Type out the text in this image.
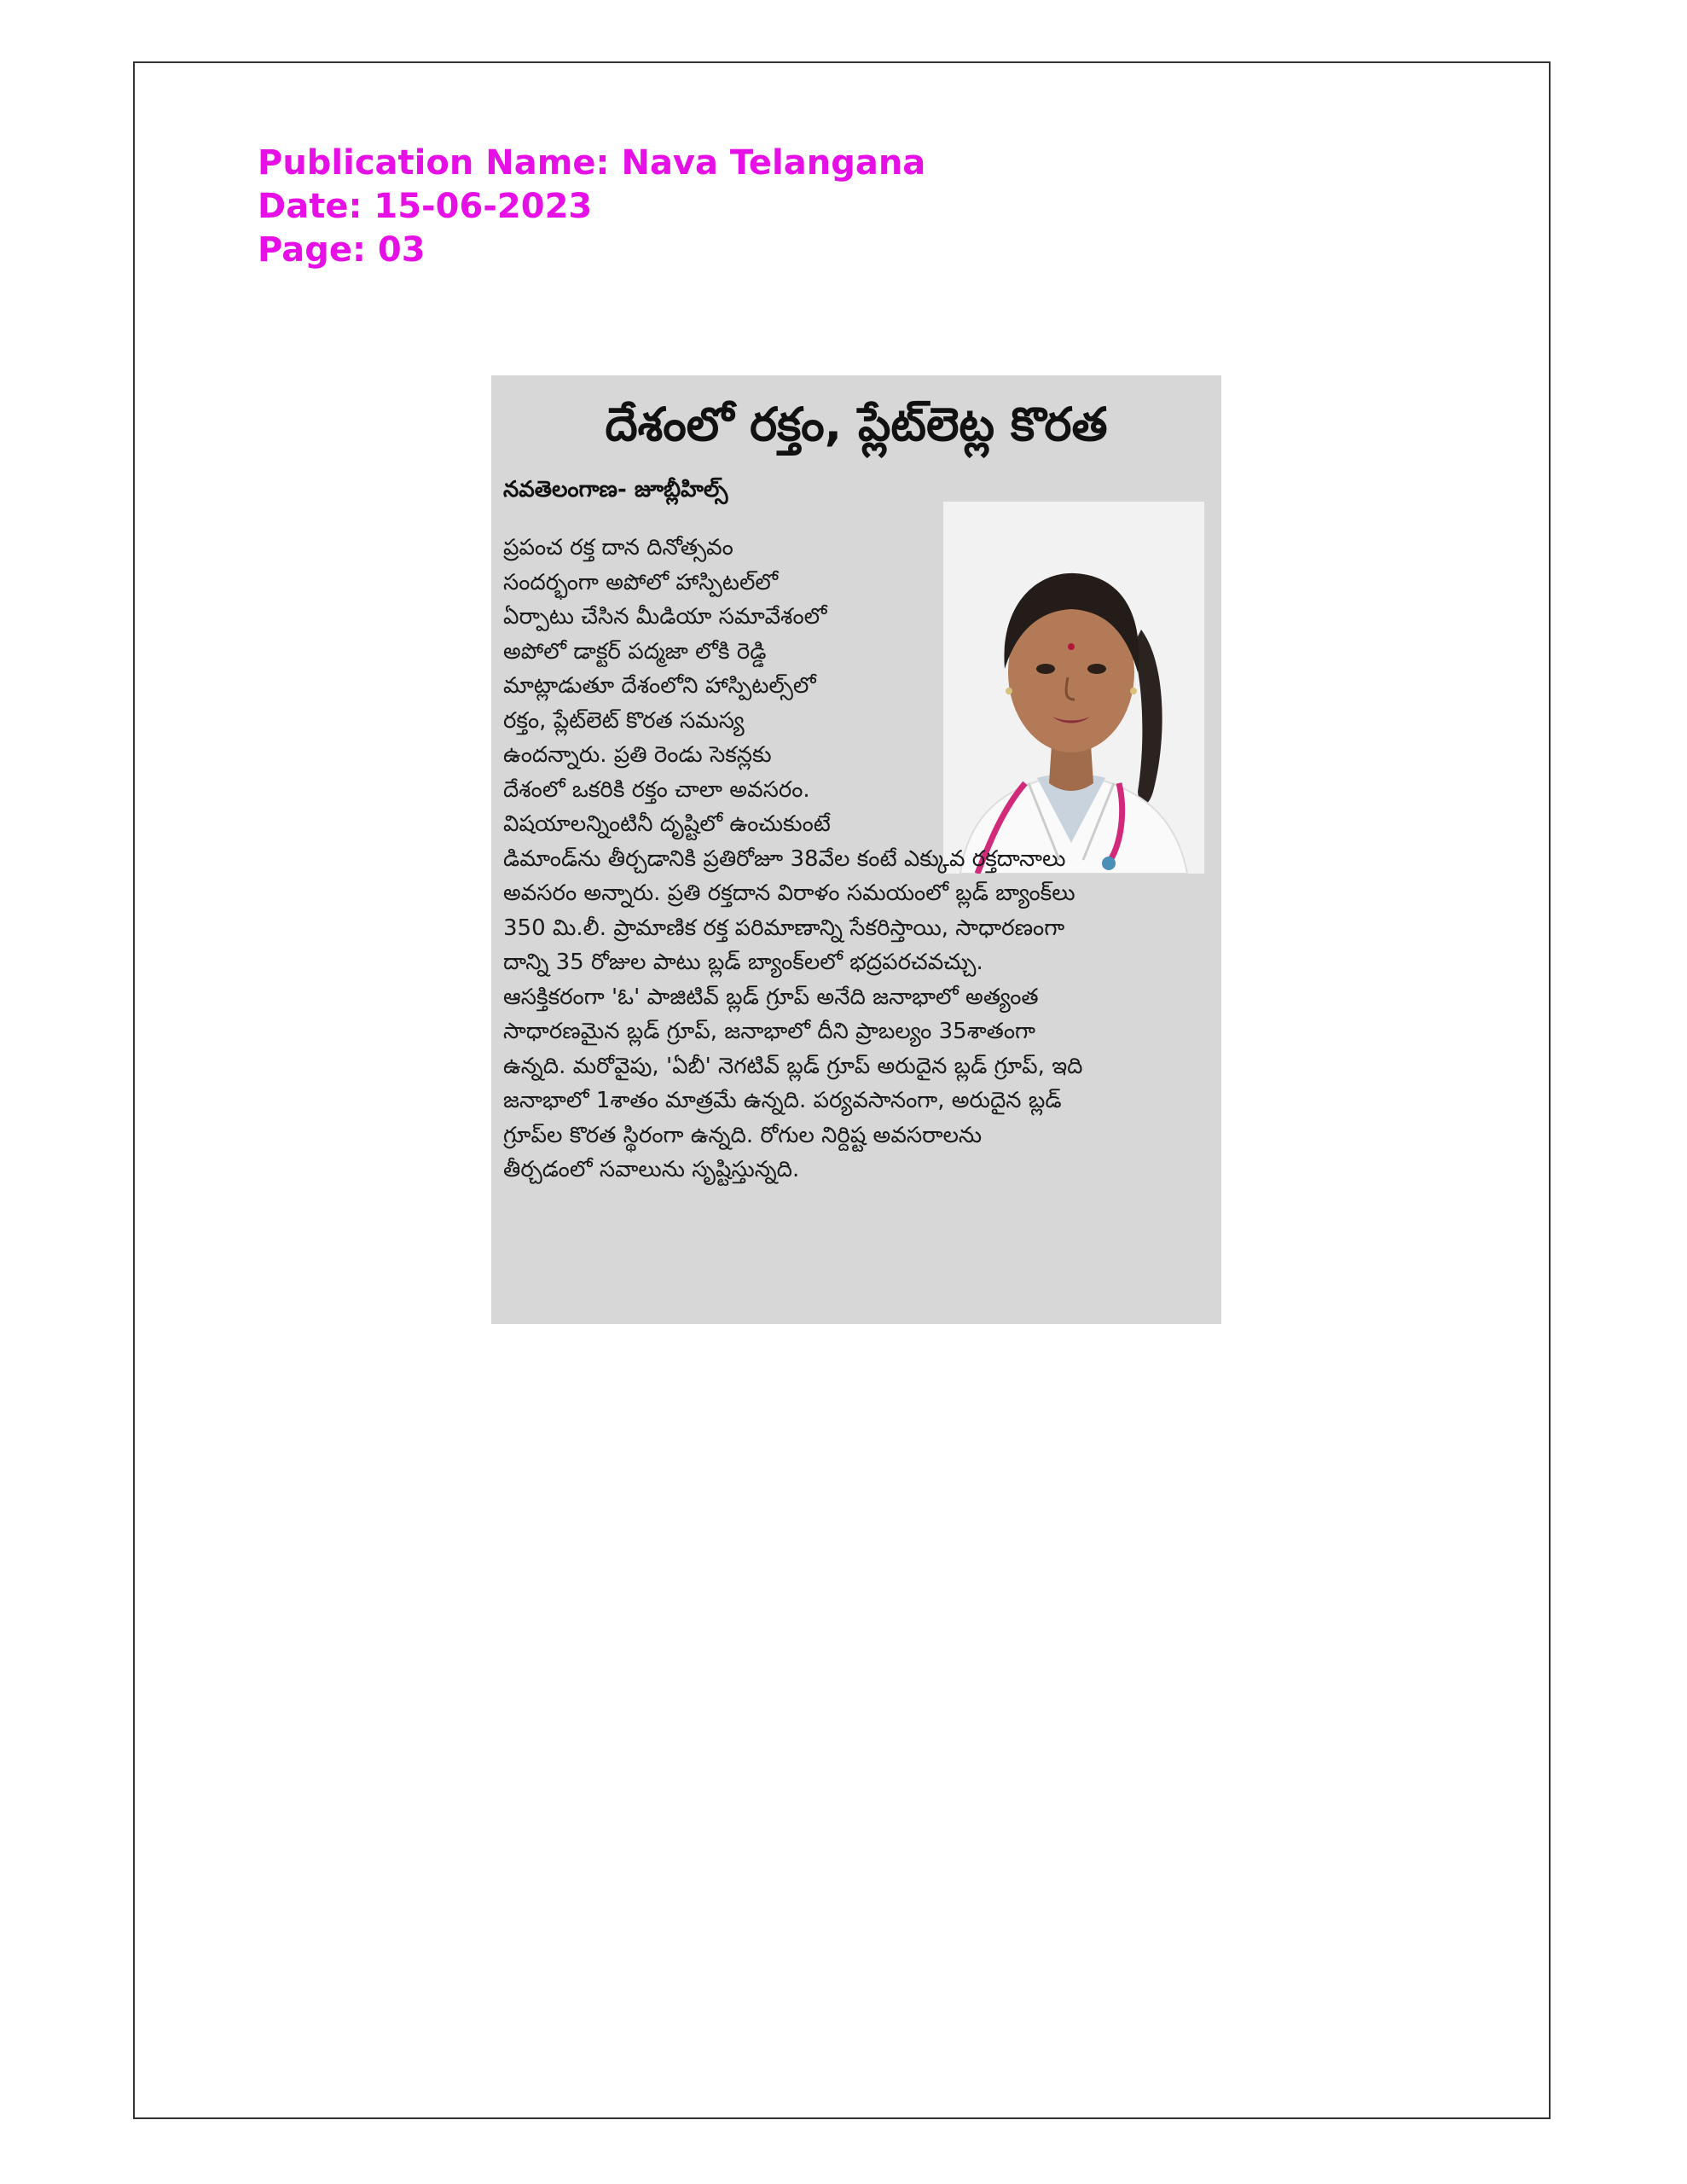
Publication Name: Nava Telangana
Date: 15-06-2023
Page: 03
దేశంలో రక్తం, ప్లేట్‌లెట్ల కొరత
నవతెలంగాణ- జూబ్లీహిల్స్
ప్రపంచ రక్త దాన దినోత్సవం
సందర్భంగా అపోలో హాస్పిటల్‌లో
ఏర్పాటు చేసిన మీడియా సమావేశంలో
అపోలో డాక్టర్ పద్మజా లోకి రెడ్డి
మాట్లాడుతూ దేశంలోని హాస్పిటల్స్‌లో
రక్తం, ప్లేట్‌లెట్ కొరత సమస్య
ఉందన్నారు. ప్రతి రెండు సెకన్లకు
దేశంలో ఒకరికి రక్తం చాలా అవసరం.
విషయాలన్నింటినీ దృష్టిలో ఉంచుకుంటే
డిమాండ్‌ను తీర్చడానికి ప్రతిరోజూ 38వేల కంటే ఎక్కువ రక్తదానాలు
అవసరం అన్నారు. ప్రతి రక్తదాన విరాళం సమయంలో బ్లడ్ బ్యాంక్‌లు
350 మి.లీ. ప్రామాణిక రక్త పరిమాణాన్ని సేకరిస్తాయి, సాధారణంగా
దాన్ని 35 రోజుల పాటు బ్లడ్ బ్యాంక్‌లలో భద్రపరచవచ్చు.
ఆసక్తికరంగా 'ఓ' పాజిటివ్ బ్లడ్ గ్రూప్ అనేది జనాభాలో అత్యంత
సాధారణమైన బ్లడ్ గ్రూప్, జనాభాలో దీని ప్రాబల్యం 35శాతంగా
ఉన్నది. మరోవైపు, 'ఏబీ' నెగటివ్ బ్లడ్ గ్రూప్ అరుదైన బ్లడ్ గ్రూప్, ఇది
జనాభాలో 1శాతం మాత్రమే ఉన్నది. పర్యవసానంగా, అరుదైన బ్లడ్
గ్రూప్‌ల కొరత స్థిరంగా ఉన్నది. రోగుల నిర్దిష్ట అవసరాలను
తీర్చడంలో సవాలును సృష్టిస్తున్నది.
